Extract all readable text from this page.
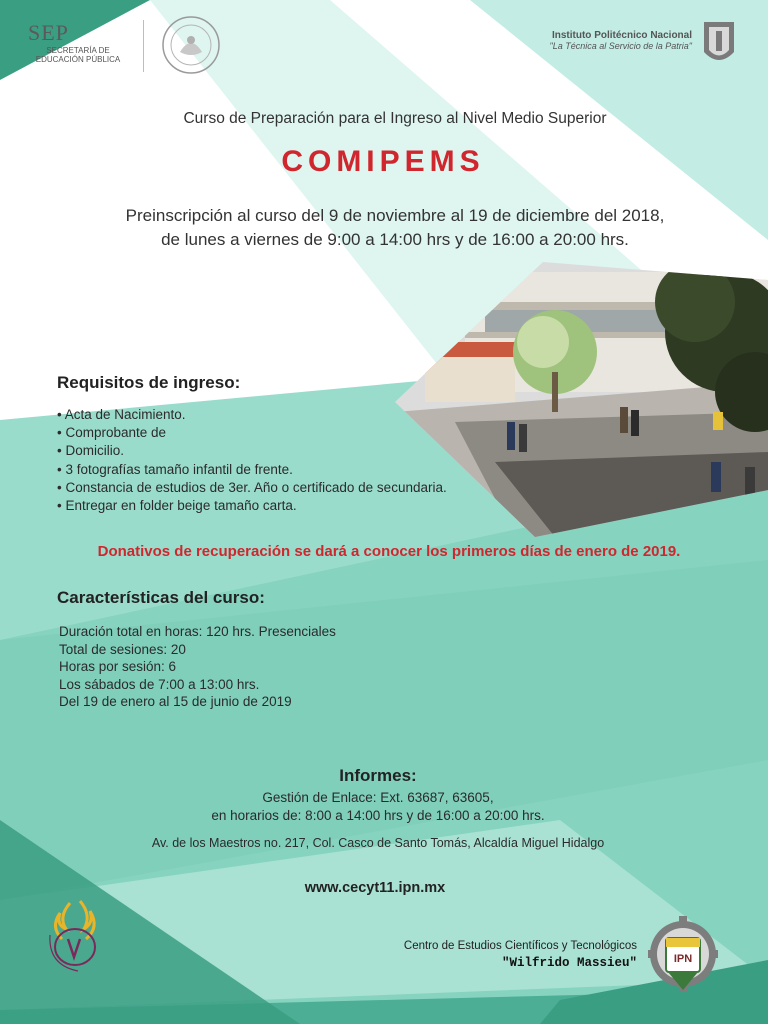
SEP
SECRETARÍA DE
EDUCACIÓN PÚBLICA
Instituto Politécnico Nacional
"La Técnica al Servicio de la Patria"
Curso de Preparación para el Ingreso al Nivel Medio Superior
COMIPEMS
Preinscripción al curso del 9 de noviembre al 19 de diciembre del 2018,
de lunes a viernes de 9:00 a 14:00 hrs y de 16:00 a 20:00 hrs.
Requisitos de ingreso:
• Acta de Nacimiento.
• Comprobante de
• Domicilio.
• 3 fotografías tamaño infantil de frente.
• Constancia de estudios de 3er. Año o certificado de secundaria.
• Entregar en folder beige tamaño carta.
Donativos de recuperación se dará a conocer los primeros días de enero de 2019.
Características del curso:
Duración total en horas: 120 hrs. Presenciales
Total de sesiones: 20
Horas por sesión: 6
Los sábados de 7:00 a 13:00 hrs.
Del 19 de enero al 15 de junio de 2019
Informes:
Gestión de Enlace: Ext. 63687, 63605,
en horarios de: 8:00 a 14:00 hrs y de 16:00 a 20:00 hrs.
Av. de los Maestros no. 217, Col. Casco de Santo Tomás, Alcaldía Miguel Hidalgo
www.cecyt11.ipn.mx
Centro de Estudios Científicos y Tecnológicos
"Wilfrido Massieu"	IPN
